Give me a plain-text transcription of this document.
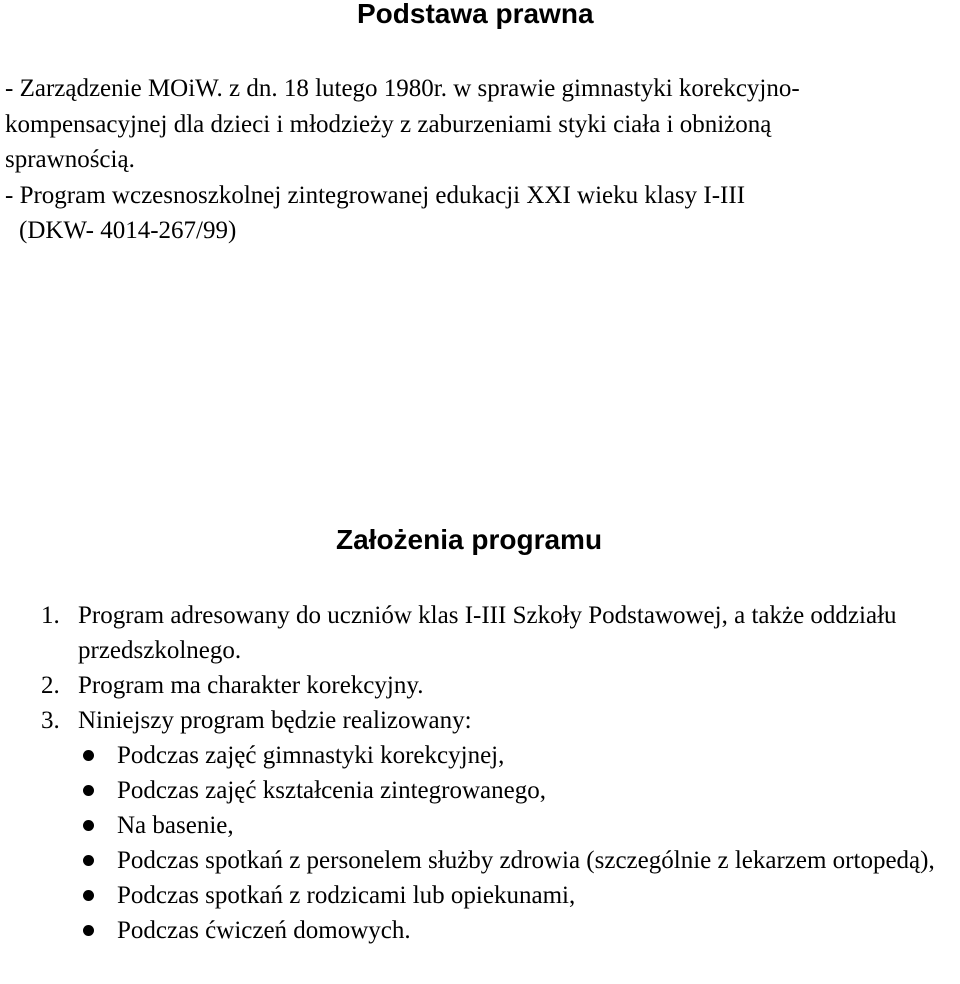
Podstawa prawna

- Zarządzenie MOiW. z dn. 18 lutego 1980r. w sprawie gimnastyki korekcyjno-

kompensacyjnej dla dzieci i młodzieży z zaburzeniami styki ciała i obniżoną

sprawnością.

- Program wczesnoszkolnej zintegrowanej edukacji XXI wieku klasy I-III

(DKW- 4014-267/99)

Założenia programu
1. Program adresowany do uczniów klas I-III Szkoły Podstawowej, a także oddziału przedszkolnego.
2. Program ma charakter korekcyjny.
3. Niniejszy program będzie realizowany:
Podczas zajęć gimnastyki korekcyjnej,
Podczas zajęć kształcenia zintegrowanego,
Na basenie,
Podczas spotkań z personelem służby zdrowia (szczególnie z lekarzem ortopedą),
Podczas spotkań z rodzicami lub opiekunami,
Podczas ćwiczeń domowych.
